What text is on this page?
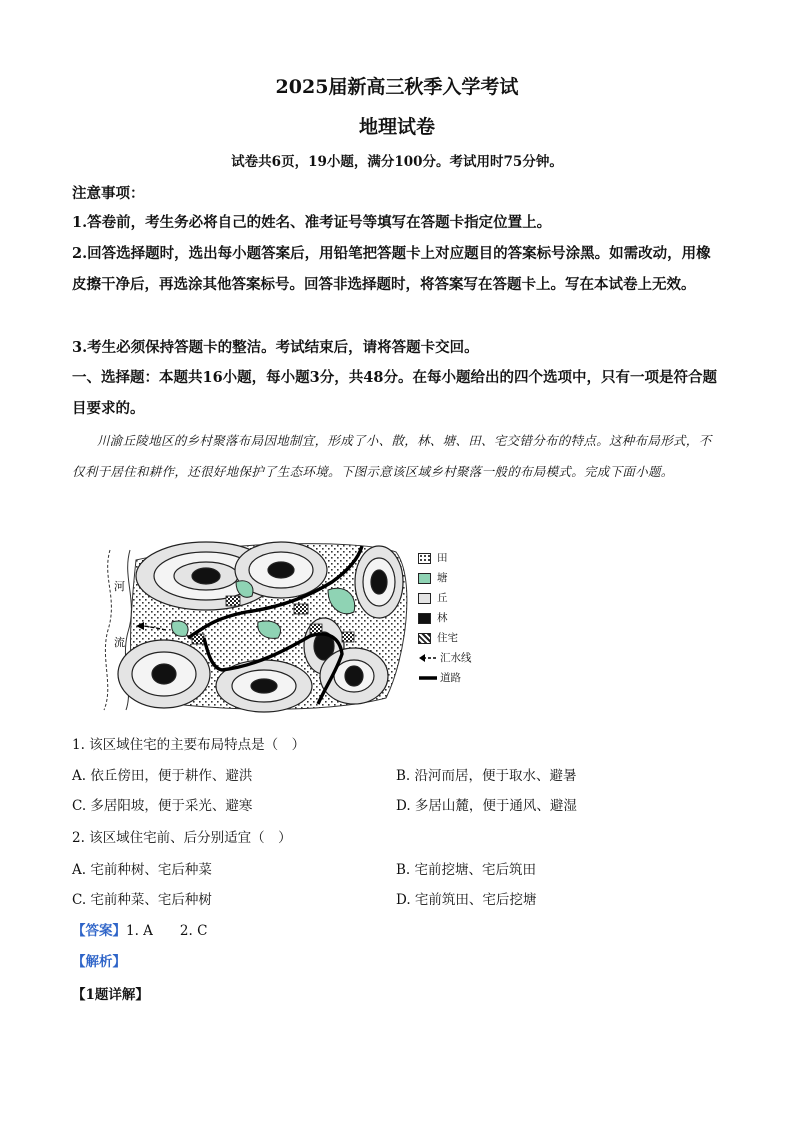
2025届新高三秋季入学考试
地理试卷
试卷共6页，19小题，满分100分。考试用时75分钟。
注意事项：
1.答卷前，考生务必将自己的姓名、准考证号等填写在答题卡指定位置上。
2.回答选择题时，选出每小题答案后，用铅笔把答题卡上对应题目的答案标号涂黑。如需改动，用橡皮擦干净后，再选涂其他答案标号。回答非选择题时，将答案写在答题卡上。写在本试卷上无效。
3.考生必须保持答题卡的整洁。考试结束后，请将答题卡交回。
一、选择题：本题共16小题，每小题3分，共48分。在每小题给出的四个选项中，只有一项是符合题目要求的。
川渝丘陵地区的乡村聚落布局因地制宜，形成了小、散，林、塘、田、宅交错分布的特点。这种布局形式，不仅利于居住和耕作，还很好地保护了生态环境。下图示意该区域乡村聚落一般的布局模式。完成下面小题。
河
流
田
塘
丘
林
住宅
汇水线
道路
1. 该区域住宅的主要布局特点是（　）
A. 依丘傍田，便于耕作、避洪	B. 沿河而居，便于取水、避暑
C. 多居阳坡，便于采光、避寒	D. 多居山麓，便于通风、避湿
2. 该区域住宅前、后分别适宜（　）
A. 宅前种树、宅后种菜	B. 宅前挖塘、宅后筑田
C. 宅前种菜、宅后种树	D. 宅前筑田、宅后挖塘
【答案】1. A　　2. C
【解析】
【1题详解】
